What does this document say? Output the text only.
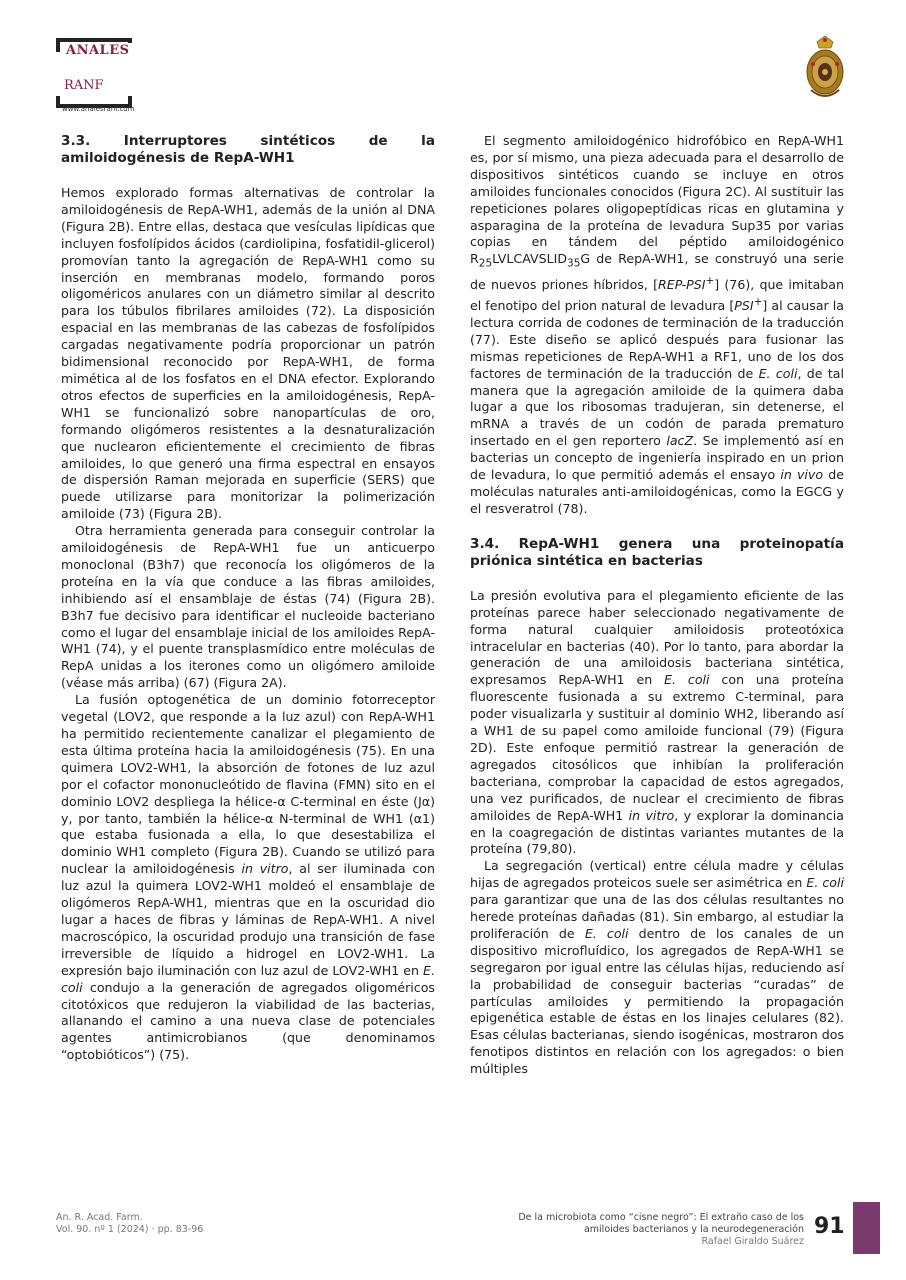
ANALES
RANF
www.analesranf.com
3.3. Interruptores sintéticos de la amiloidogénesis de RepA-WH1

Hemos explorado formas alternativas de controlar la amiloidogénesis de RepA-WH1, además de la unión al DNA (Figura 2B). Entre ellas, destaca que vesículas lipídicas que incluyen fosfolípidos ácidos (cardiolipina, fosfatidil-glicerol) promovían tanto la agregación de RepA-WH1 como su inserción en membranas modelo, formando poros oligoméricos anulares con un diámetro similar al descrito para los túbulos fibrilares amiloides (72). La disposición espacial en las membranas de las cabezas de fosfolípidos cargadas negativamente podría proporcionar un patrón bidimensional reconocido por RepA-WH1, de forma mimética al de los fosfatos en el DNA efector. Explorando otros efectos de superficies en la amiloidogénesis, RepA-WH1 se funcionalizó sobre nanopartículas de oro, formando oligómeros resistentes a la desnaturalización que nuclearon eficientemente el crecimiento de fibras amiloides, lo que generó una firma espectral en ensayos de dispersión Raman mejorada en superficie (SERS) que puede utilizarse para monitorizar la polimerización amiloide (73) (Figura 2B).

Otra herramienta generada para conseguir controlar la amiloidogénesis de RepA-WH1 fue un anticuerpo monoclonal (B3h7) que reconocía los oligómeros de la proteína en la vía que conduce a las fibras amiloides, inhibiendo así el ensamblaje de éstas (74) (Figura 2B). B3h7 fue decisivo para identificar el nucleoide bacteriano como el lugar del ensamblaje inicial de los amiloides RepA-WH1 (74), y el puente transplasmídico entre moléculas de RepA unidas a los iterones como un oligómero amiloide (véase más arriba) (67) (Figura 2A).

La fusión optogenética de un dominio fotorreceptor vegetal (LOV2, que responde a la luz azul) con RepA-WH1 ha permitido recientemente canalizar el plegamiento de esta última proteína hacia la amiloidogénesis (75). En una quimera LOV2-WH1, la absorción de fotones de luz azul por el cofactor mononucleótido de flavina (FMN) sito en el dominio LOV2 despliega la hélice-α C-terminal en éste (Jα) y, por tanto, también la hélice-α N-terminal de WH1 (α1) que estaba fusionada a ella, lo que desestabiliza el dominio WH1 completo (Figura 2B). Cuando se utilizó para nuclear la amiloidogénesis in vitro, al ser iluminada con luz azul la quimera LOV2-WH1 moldeó el ensamblaje de oligómeros RepA-WH1, mientras que en la oscuridad dio lugar a haces de fibras y láminas de RepA-WH1. A nivel macroscópico, la oscuridad produjo una transición de fase irreversible de líquido a hidrogel en LOV2-WH1. La expresión bajo iluminación con luz azul de LOV2-WH1 en E. coli condujo a la generación de agregados oligoméricos citotóxicos que redujeron la viabilidad de las bacterias, allanando el camino a una nueva clase de potenciales agentes antimicrobianos (que denominamos “optobióticos”) (75).

El segmento amiloidogénico hidrofóbico en RepA-WH1 es, por sí mismo, una pieza adecuada para el desarrollo de dispositivos sintéticos cuando se incluye en otros amiloides funcionales conocidos (Figura 2C). Al sustituir las repeticiones polares oligopeptídicas ricas en glutamina y asparagina de la proteína de levadura Sup35 por varias copias en tándem del péptido amiloidogénico $R_{25}LVLCAVSLID_{35}G$ de RepA-WH1, se construyó una serie de nuevos priones híbridos, [REP-PSI+] (76), que imitaban el fenotipo del prion natural de levadura [PSI+] al causar la lectura corrida de codones de terminación de la traducción (77). Este diseño se aplicó después para fusionar las mismas repeticiones de RepA-WH1 a RF1, uno de los dos factores de terminación de la traducción de E. coli, de tal manera que la agregación amiloide de la quimera daba lugar a que los ribosomas tradujeran, sin detenerse, el mRNA a través de un codón de parada prematuro insertado en el gen reportero lacZ. Se implementó así en bacterias un concepto de ingeniería inspirado en un prion de levadura, lo que permitió además el ensayo in vivo de moléculas naturales anti-amiloidogénicas, como la EGCG y el resveratrol (78).

3.4. RepA-WH1 genera una proteinopatía priónica sintética en bacterias

La presión evolutiva para el plegamiento eficiente de las proteínas parece haber seleccionado negativamente de forma natural cualquier amiloidosis proteotóxica intracelular en bacterias (40). Por lo tanto, para abordar la generación de una amiloidosis bacteriana sintética, expresamos RepA-WH1 en E. coli con una proteína fluorescente fusionada a su extremo C-terminal, para poder visualizarla y sustituir al dominio WH2, liberando así a WH1 de su papel como amiloide funcional (79) (Figura 2D). Este enfoque permitió rastrear la generación de agregados citosólicos que inhibían la proliferación bacteriana, comprobar la capacidad de estos agregados, una vez purificados, de nuclear el crecimiento de fibras amiloides de RepA-WH1 in vitro, y explorar la dominancia en la coagregación de distintas variantes mutantes de la proteína (79,80).

La segregación (vertical) entre célula madre y células hijas de agregados proteicos suele ser asimétrica en E. coli para garantizar que una de las dos células resultantes no herede proteínas dañadas (81). Sin embargo, al estudiar la proliferación de E. coli dentro de los canales de un dispositivo microfluídico, los agregados de RepA-WH1 se segregaron por igual entre las células hijas, reduciendo así la probabilidad de conseguir bacterias “curadas” de partículas amiloides y permitiendo la propagación epigenética estable de éstas en los linajes celulares (82). Esas células bacterianas, siendo isogénicas, mostraron dos fenotipos distintos en relación con los agregados: o bien múltiples

An. R. Acad. Farm.
Vol. 90. nº 1 (2024) · pp. 83-96
De la microbiota como “cisne negro”: El extraño caso de los
amiloides bacterianos y la neurodegeneración
Rafael Giraldo Suárez
91
